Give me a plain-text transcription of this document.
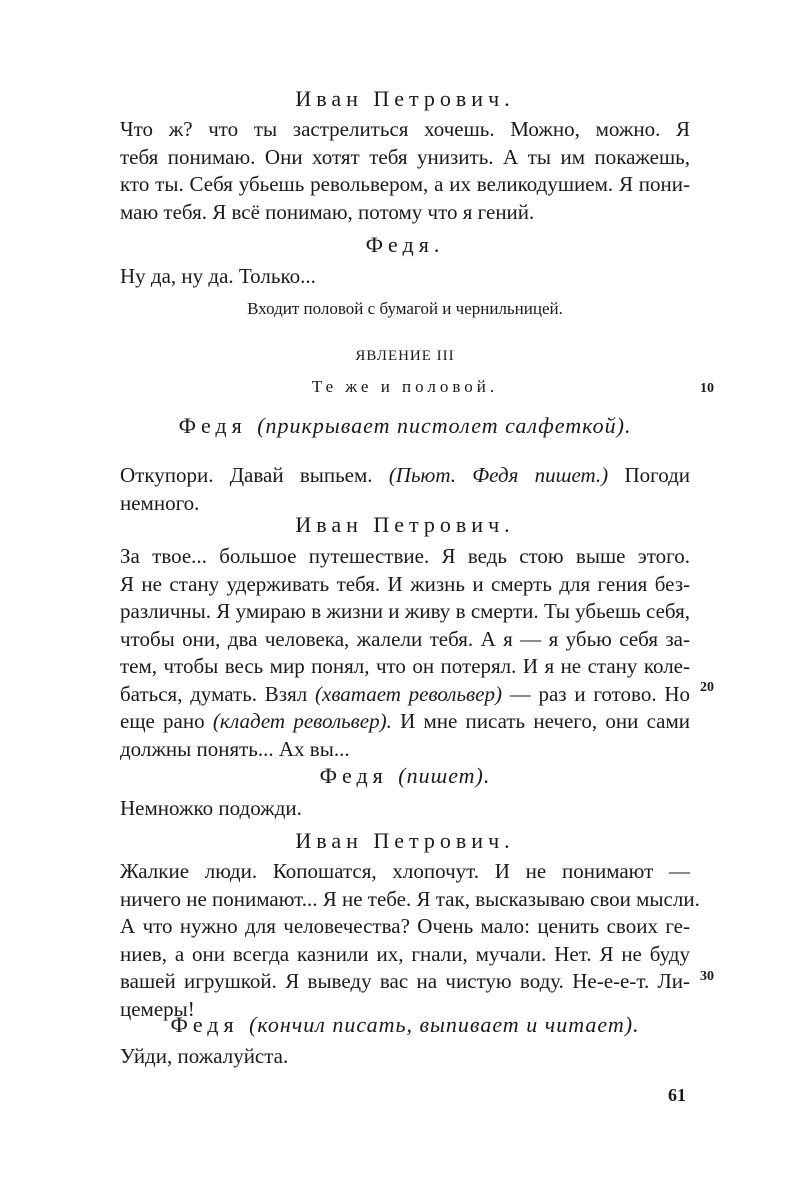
Иван Петрович.
Что ж? что ты застрелиться хочешь. Можно, можно. Я
тебя понимаю. Они хотят тебя унизить. А ты им покажешь,
кто ты. Себя убьешь револьвером, а их великодушием. Я пони-
маю тебя. Я всё понимаю, потому что я гений.
Федя.
Ну да, ну да. Только...
Входит половой с бумагой и чернильницей.
ЯВЛЕНИЕ III
Те же и половой.	10
Федя (прикрывает пистолет салфеткой).
Откупори. Давай выпьем. (Пьют. Федя пишет.) Погоди
немного.
Иван Петрович.
За твое... большое путешествие. Я ведь стою выше этого.
Я не стану удерживать тебя. И жизнь и смерть для гения без-
различны. Я умираю в жизни и живу в смерти. Ты убьешь себя,
чтобы они, два человека, жалели тебя. А я — я убью себя за-
тем, чтобы весь мир понял, что он потерял. И я не стану коле-
баться, думать. Взял (хватает револьвер) — раз и готово. Но
еще рано (кладет револьвер). И мне писать нечего, они сами
должны понять... Ах вы...
20
Федя (пишет).
Немножко подожди.
Иван Петрович.
Жалкие люди. Копошатся, хлопочут. И не понимают —
ничего не понимают... Я не тебе. Я так, высказываю свои мысли.
А что нужно для человечества? Очень мало: ценить своих ге-
ниев, а они всегда казнили их, гнали, мучали. Нет. Я не буду
вашей игрушкой. Я выведу вас на чистую воду. Не-е-е-т. Ли-
цемеры!
30
Федя (кончил писать, выпивает и читает).
Уйди, пожалуйста.
61
